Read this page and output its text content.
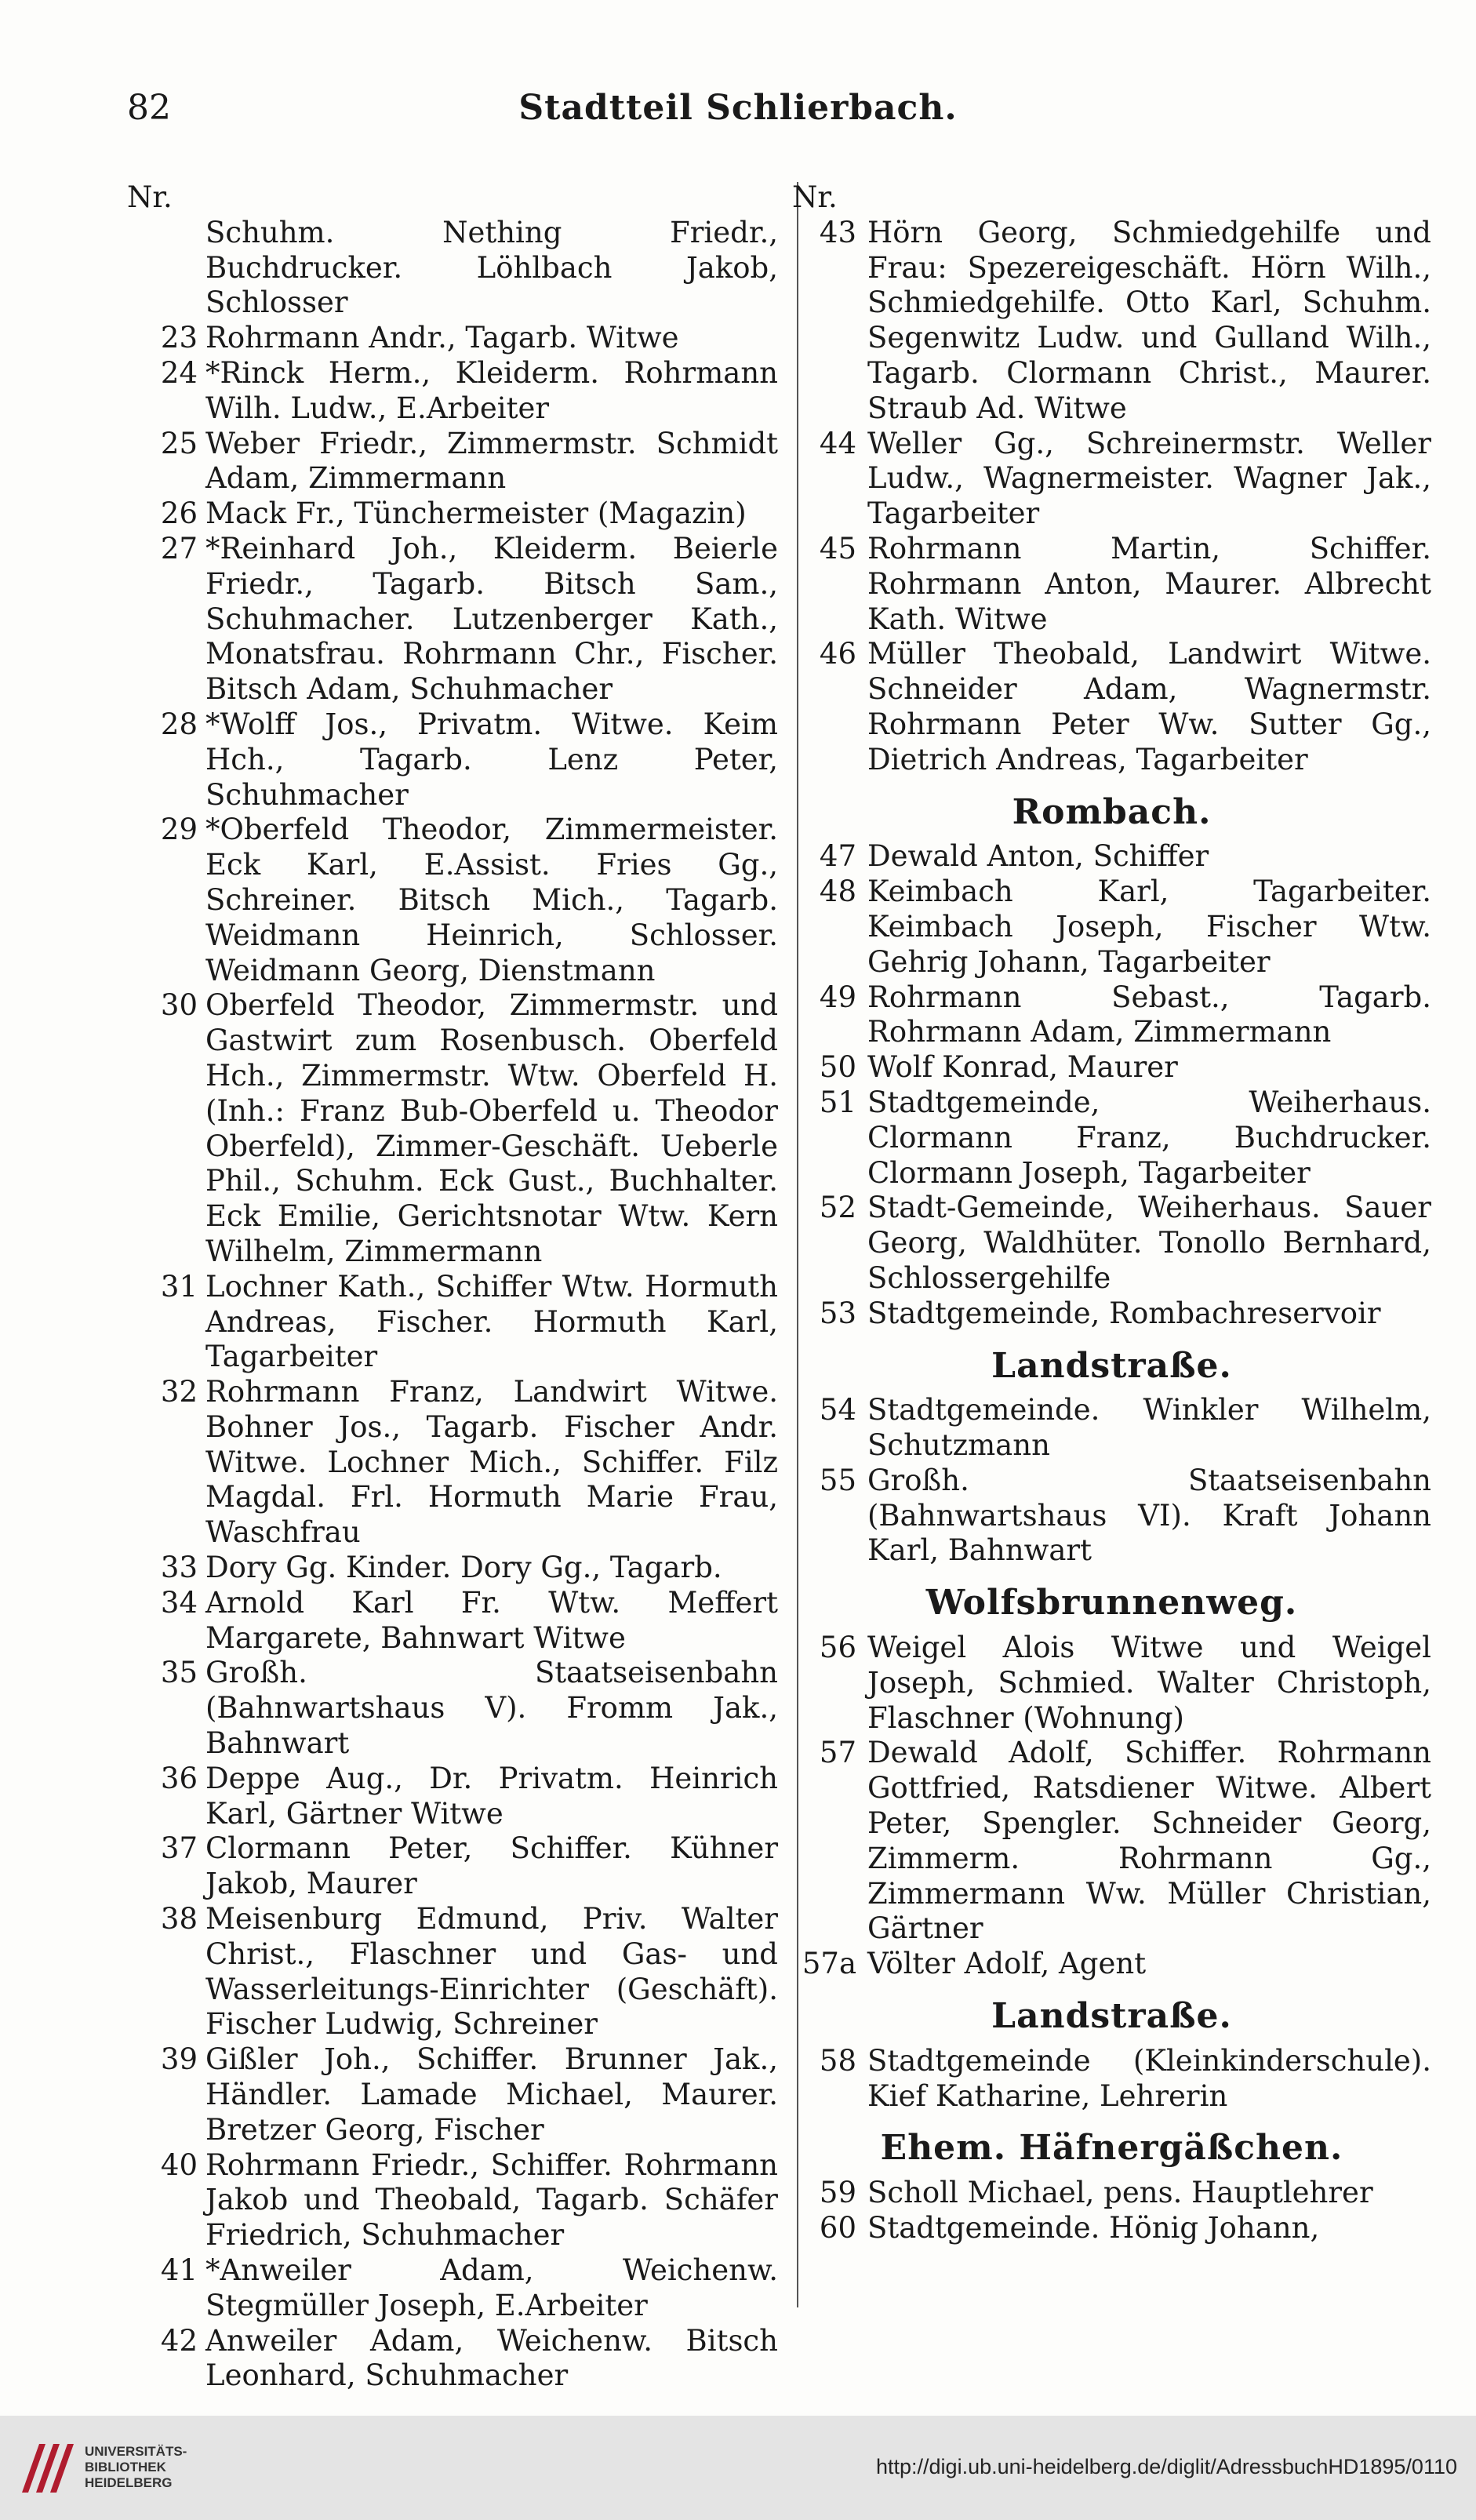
82	Stadtteil Schlierbach.
Nr.
Schuhm. Nething Friedr., Buchdrucker. Löhlbach Jakob, Schlosser
23 Rohrmann Andr., Tagarb. Witwe
24 *Rinck Herm., Kleiderm. Rohrmann Wilh. Ludw., E.Arbeiter
25 Weber Friedr., Zimmermstr. Schmidt Adam, Zimmermann
26 Mack Fr., Tünchermeister (Magazin)
27 *Reinhard Joh., Kleiderm. Beierle Friedr., Tagarb. Bitsch Sam., Schuhmacher. Lutzenberger Kath., Monatsfrau. Rohrmann Chr., Fischer. Bitsch Adam, Schuhmacher
28 *Wolff Jos., Privatm. Witwe. Keim Hch., Tagarb. Lenz Peter, Schuhmacher
29 *Oberfeld Theodor, Zimmermeister. Eck Karl, E.Assist. Fries Gg., Schreiner. Bitsch Mich., Tagarb. Weidmann Heinrich, Schlosser. Weidmann Georg, Dienstmann
30 Oberfeld Theodor, Zimmermstr. und Gastwirt zum Rosenbusch. Oberfeld Hch., Zimmermstr. Wtw. Oberfeld H. (Inh.: Franz Bub-Oberfeld u. Theodor Oberfeld), Zimmer-Geschäft. Ueberle Phil., Schuhm. Eck Gust., Buchhalter. Eck Emilie, Gerichtsnotar Wtw. Kern Wilhelm, Zimmermann
31 Lochner Kath., Schiffer Wtw. Hormuth Andreas, Fischer. Hormuth Karl, Tagarbeiter
32 Rohrmann Franz, Landwirt Witwe. Bohner Jos., Tagarb. Fischer Andr. Witwe. Lochner Mich., Schiffer. Filz Magdal. Frl. Hormuth Marie Frau, Waschfrau
33 Dory Gg. Kinder. Dory Gg., Tagarb.
34 Arnold Karl Fr. Wtw. Meffert Margarete, Bahnwart Witwe
35 Großh. Staatseisenbahn (Bahnwartshaus V). Fromm Jak., Bahnwart
36 Deppe Aug., Dr. Privatm. Heinrich Karl, Gärtner Witwe
37 Clormann Peter, Schiffer. Kühner Jakob, Maurer
38 Meisenburg Edmund, Priv. Walter Christ., Flaschner und Gas- und Wasserleitungs-Einrichter (Geschäft). Fischer Ludwig, Schreiner
39 Gißler Joh., Schiffer. Brunner Jak., Händler. Lamade Michael, Maurer. Bretzer Georg, Fischer
40 Rohrmann Friedr., Schiffer. Rohrmann Jakob und Theobald, Tagarb. Schäfer Friedrich, Schuhmacher
41 *Anweiler Adam, Weichenw. Stegmüller Joseph, E.Arbeiter
42 Anweiler Adam, Weichenw. Bitsch Leonhard, Schuhmacher
Nr.
43 Hörn Georg, Schmiedgehilfe und Frau: Spezereigeschäft. Hörn Wilh., Schmiedgehilfe. Otto Karl, Schuhm. Segenwitz Ludw. und Gulland Wilh., Tagarb. Clormann Christ., Maurer. Straub Ad. Witwe
44 Weller Gg., Schreinermstr. Weller Ludw., Wagnermeister. Wagner Jak., Tagarbeiter
45 Rohrmann Martin, Schiffer. Rohrmann Anton, Maurer. Albrecht Kath. Witwe
46 Müller Theobald, Landwirt Witwe. Schneider Adam, Wagnermstr. Rohrmann Peter Ww. Sutter Gg., Dietrich Andreas, Tagarbeiter
Rombach.
47 Dewald Anton, Schiffer
48 Keimbach Karl, Tagarbeiter. Keimbach Joseph, Fischer Wtw. Gehrig Johann, Tagarbeiter
49 Rohrmann Sebast., Tagarb. Rohrmann Adam, Zimmermann
50 Wolf Konrad, Maurer
51 Stadtgemeinde, Weiherhaus. Clormann Franz, Buchdrucker. Clormann Joseph, Tagarbeiter
52 Stadt-Gemeinde, Weiherhaus. Sauer Georg, Waldhüter. Tonollo Bernhard, Schlossergehilfe
53 Stadtgemeinde, Rombachreservoir
Landstraße.
54 Stadtgemeinde. Winkler Wilhelm, Schutzmann
55 Großh. Staatseisenbahn (Bahnwartshaus VI). Kraft Johann Karl, Bahnwart
Wolfsbrunnenweg.
56 Weigel Alois Witwe und Weigel Joseph, Schmied. Walter Christoph, Flaschner (Wohnung)
57 Dewald Adolf, Schiffer. Rohrmann Gottfried, Ratsdiener Witwe. Albert Peter, Spengler. Schneider Georg, Zimmerm. Rohrmann Gg., Zimmermann Ww. Müller Christian, Gärtner
57a Völter Adolf, Agent
Landstraße.
58 Stadtgemeinde (Kleinkinderschule). Kief Katharine, Lehrerin
Ehem. Häfnergäßchen.
59 Scholl Michael, pens. Hauptlehrer
60 Stadtgemeinde. Hönig Johann,
UNIVERSITÄTS-
BIBLIOTHEK
HEIDELBERG
http://digi.ub.uni-heidelberg.de/diglit/AdressbuchHD1895/0110
